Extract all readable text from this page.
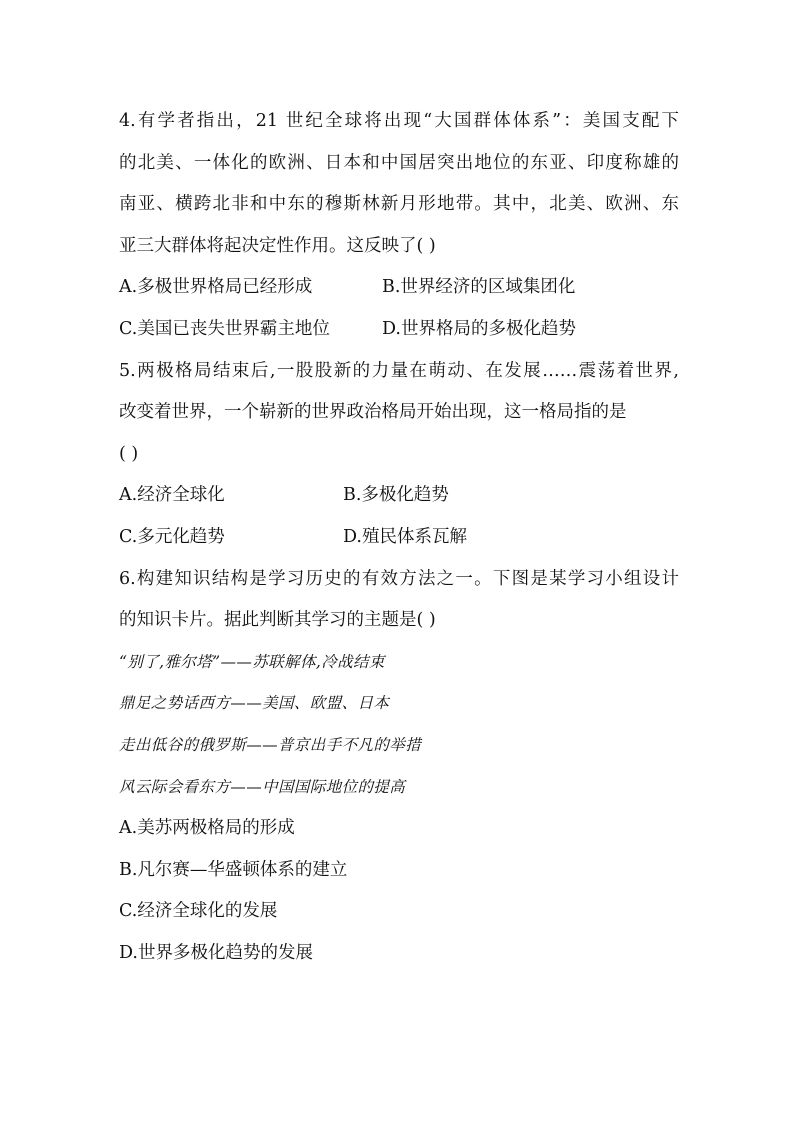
4.有学者指出，21 世纪全球将出现“大国群体体系”：美国支配下
的北美、一体化的欧洲、日本和中国居突出地位的东亚、印度称雄的
南亚、横跨北非和中东的穆斯林新月形地带。其中，北美、欧洲、东
亚三大群体将起决定性作用。这反映了( )
A.多极世界格局已经形成	B.世界经济的区域集团化
C.美国已丧失世界霸主地位	D.世界格局的多极化趋势
5.两极格局结束后,一股股新的力量在萌动、在发展……震荡着世界,
改变着世界，一个崭新的世界政治格局开始出现，这一格局指的是
( )
A.经济全球化	B.多极化趋势
C.多元化趋势	D.殖民体系瓦解
6.构建知识结构是学习历史的有效方法之一。下图是某学习小组设计
的知识卡片。据此判断其学习的主题是( )
“别了,雅尔塔”——苏联解体,冷战结束
鼎足之势话西方——美国、欧盟、日本
走出低谷的俄罗斯——普京出手不凡的举措
风云际会看东方——中国国际地位的提高
A.美苏两极格局的形成
B.凡尔赛—华盛顿体系的建立
C.经济全球化的发展
D.世界多极化趋势的发展
